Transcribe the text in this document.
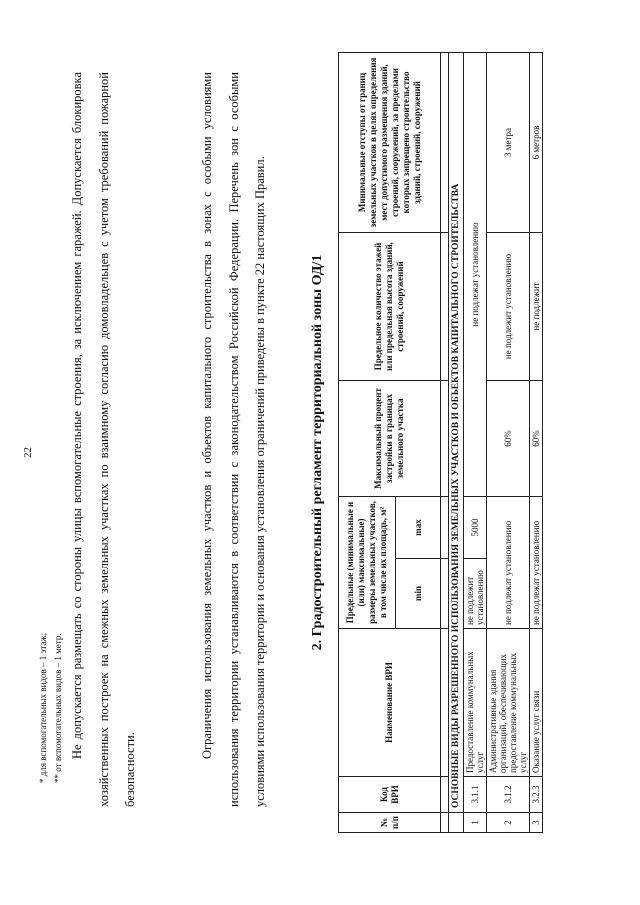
22
* для вспомогательных видов – 1 этаж; ** от вспомогательных видов – 1 метр. Не допускается размещать со стороны улицы вспомогательные строения, за исключением гаражей. Допускается блокировка хозяйственных построек на смежных земельных участках по взаимному согласию домовладельцев с учетом требований пожарной безопасности.
Ограничения использования земельных участков и объектов капитального строительства в зонах с особыми условиями использования территории устанавливаются в соответствии с законодательством Российской Федерации. Перечень зон с особыми условиями использования территории и основания установления ограничений приведены в пункте 22 настоящих Правил.	2. Градостроительный регламент территориальной зоны ОД/1
№ п/п	Код ВРИ	Наименование ВРИ	Предельные (минимальные и (или) максимальные) размеры земельных участков, в том числе их площадь, м²		Максимальный процент застройки в границах земельного участка	Предельное количество этажей или предельная высота зданий, строений, сооружений	Минимальные отступы от границ земельных участков в целях определения мест допустимого размещения зданий, строений, сооружений, за пределами которых запрещено строительство зданий, строений, сооружений
			min	max			

	ОСНОВНЫЕ ВИДЫ РАЗРЕШЕННОГО ИСПОЛЬЗОВАНИЯ ЗЕМЕЛЬНЫХ УЧАСТКОВ И ОБЪЕКТОВ КАПИТАЛЬНОГО СТРОИТЕЛЬСТВА						
1	3.1.1	Предоставление коммунальных услуг	не подлежит установлению	5000	не подлежат установлению		
2	3.1.2	Административные здания организаций, обеспечивающих предоставление коммунальных услуг	не подлежат установлению		60%	не подлежит установлению	3 метра
3	3.2.3	Оказание услуг связи	не подлежат установлению		60%	не подлежит	6 метров
